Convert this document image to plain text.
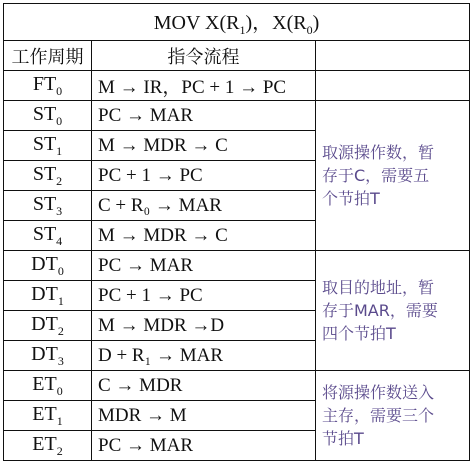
MOV $X(R_1)$，$X(R_0)$		
工作周期	指令流程	
$FT_0$	M → IR，PC + 1 → PC	
$ST_0$	PC → MAR	取源操作数，暂
存于C，需要五
个节拍T

$ST_1$	M → MDR → C	
$ST_2$	PC + 1 → PC	
$ST_3$	C + R₀ → MAR	
$ST_4$	M → MDR → C	
$DT_0$	PC → MAR	取目的地址，暂
存于MAR，需要
四个节拍T

$DT_1$	PC + 1 → PC	
$DT_2$	M → MDR →D	
$DT_3$	D + R₁ → MAR	
$ET_0$	C → MDR	将源操作数送入
主存，需要三个
节拍T

$ET_1$	MDR → M	
$ET_2$	PC → MAR	
